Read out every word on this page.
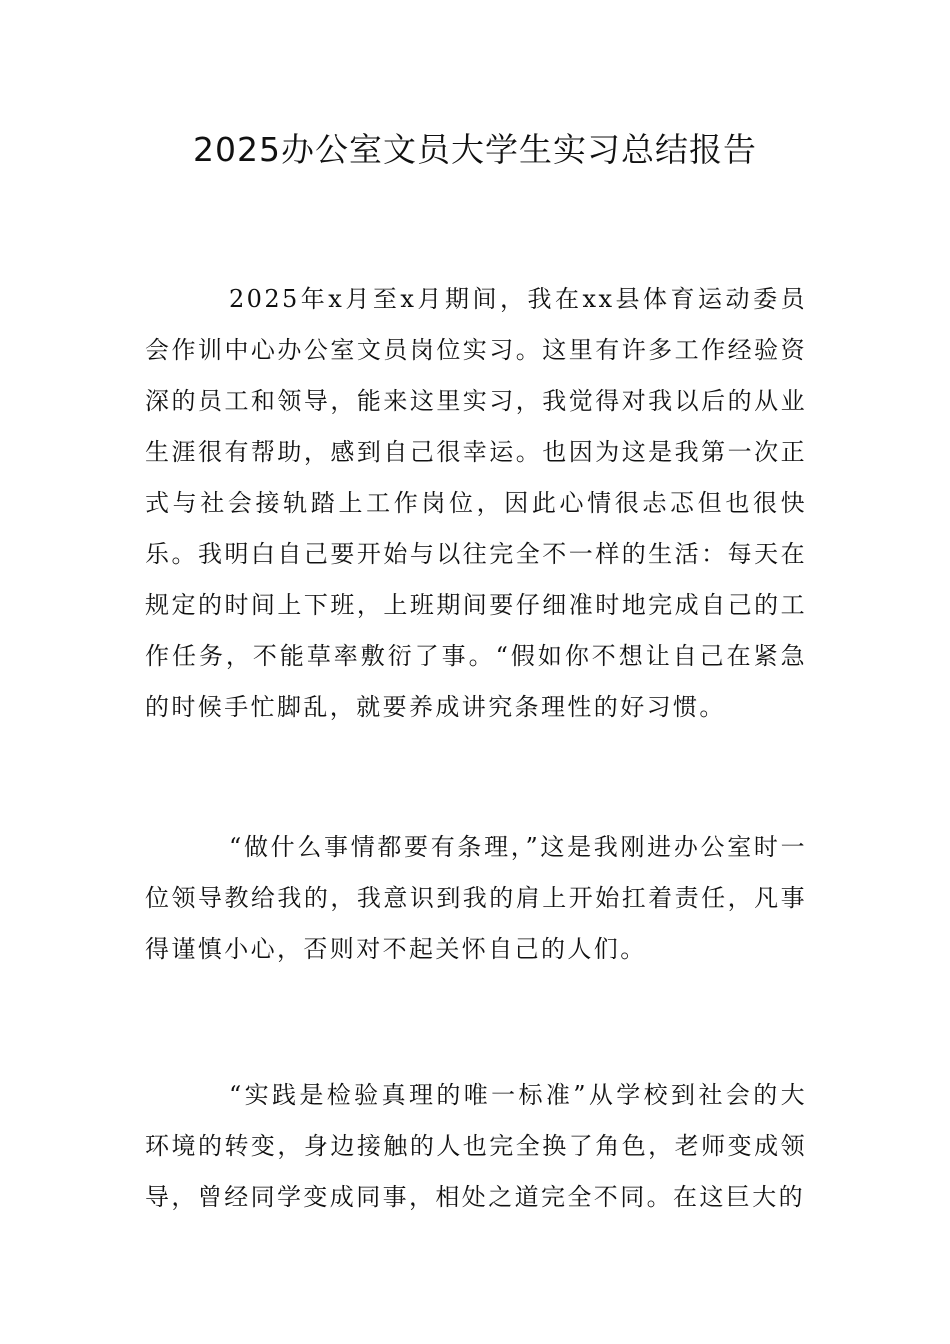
2025办公室文员大学生实习总结报告

2025年x月至x月期间，我在xx县体育运动委员会作训中心办公室文员岗位实习。这里有许多工作经验资深的员工和领导，能来这里实习，我觉得对我以后的从业生涯很有帮助，感到自己很幸运。也因为这是我第一次正式与社会接轨踏上工作岗位，因此心情很忐忑但也很快乐。我明白自己要开始与以往完全不一样的生活：每天在规定的时间上下班，上班期间要仔细准时地完成自己的工作任务，不能草率敷衍了事。“假如你不想让自己在紧急的时候手忙脚乱，就要养成讲究条理性的好习惯。

“做什么事情都要有条理，”这是我刚进办公室时一位领导教给我的，我意识到我的肩上开始扛着责任，凡事得谨慎小心，否则对不起关怀自己的人们。

“实践是检验真理的唯一标准”从学校到社会的大环境的转变，身边接触的人也完全换了角色，老师变成领导，曾经同学变成同事，相处之道完全不同。在这巨大的
